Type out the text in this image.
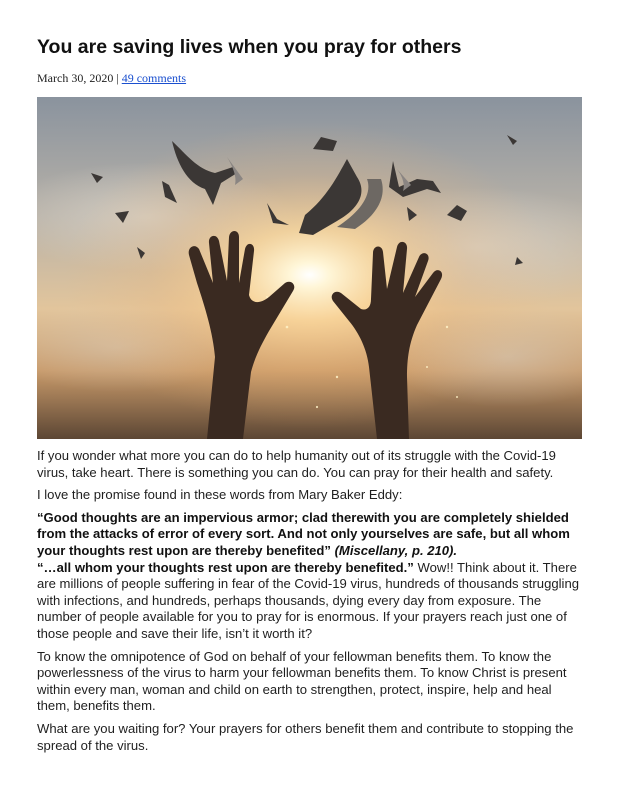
You are saving lives when you pray for others
March 30, 2020 | 49 comments

If you wonder what more you can do to help humanity out of its struggle with the Covid-19 virus, take heart. There is something you can do. You can pray for their health and safety.

I love the promise found in these words from Mary Baker Eddy:

“Good thoughts are an impervious armor; clad therewith you are completely shielded from the attacks of error of every sort. And not only yourselves are safe, but all whom your thoughts rest upon are thereby benefited” (Miscellany, p. 210).

“…all whom your thoughts rest upon are thereby benefited.” Wow!! Think about it. There are millions of people suffering in fear of the Covid-19 virus, hundreds of thousands struggling with infections, and hundreds, perhaps thousands, dying every day from exposure. The number of people available for you to pray for is enormous. If your prayers reach just one of those people and save their life, isn’t it worth it?

To know the omnipotence of God on behalf of your fellowman benefits them. To know the powerlessness of the virus to harm your fellowman benefits them. To know Christ is present within every man, woman and child on earth to strengthen, protect, inspire, help and heal them, benefits them.

What are you waiting for? Your prayers for others benefit them and contribute to stopping the spread of the virus.
